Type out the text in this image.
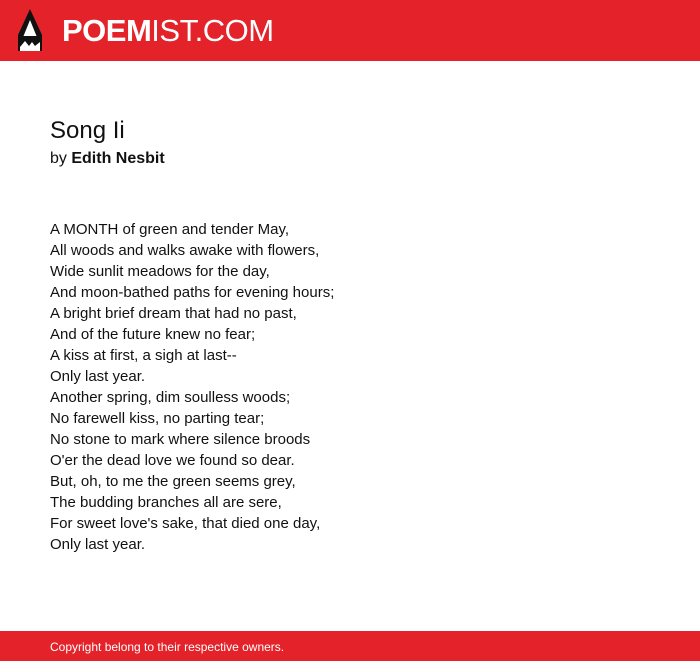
POEMIST.COM
Song Ii
by Edith Nesbit
A MONTH of green and tender May,
All woods and walks awake with flowers,
Wide sunlit meadows for the day,
And moon-bathed paths for evening hours;
A bright brief dream that had no past,
And of the future knew no fear;
A kiss at first, a sigh at last--
Only last year.
Another spring, dim soulless woods;
No farewell kiss, no parting tear;
No stone to mark where silence broods
O'er the dead love we found so dear.
But, oh, to me the green seems grey,
The budding branches all are sere,
For sweet love's sake, that died one day,
Only last year.
Copyright belong to their respective owners.
